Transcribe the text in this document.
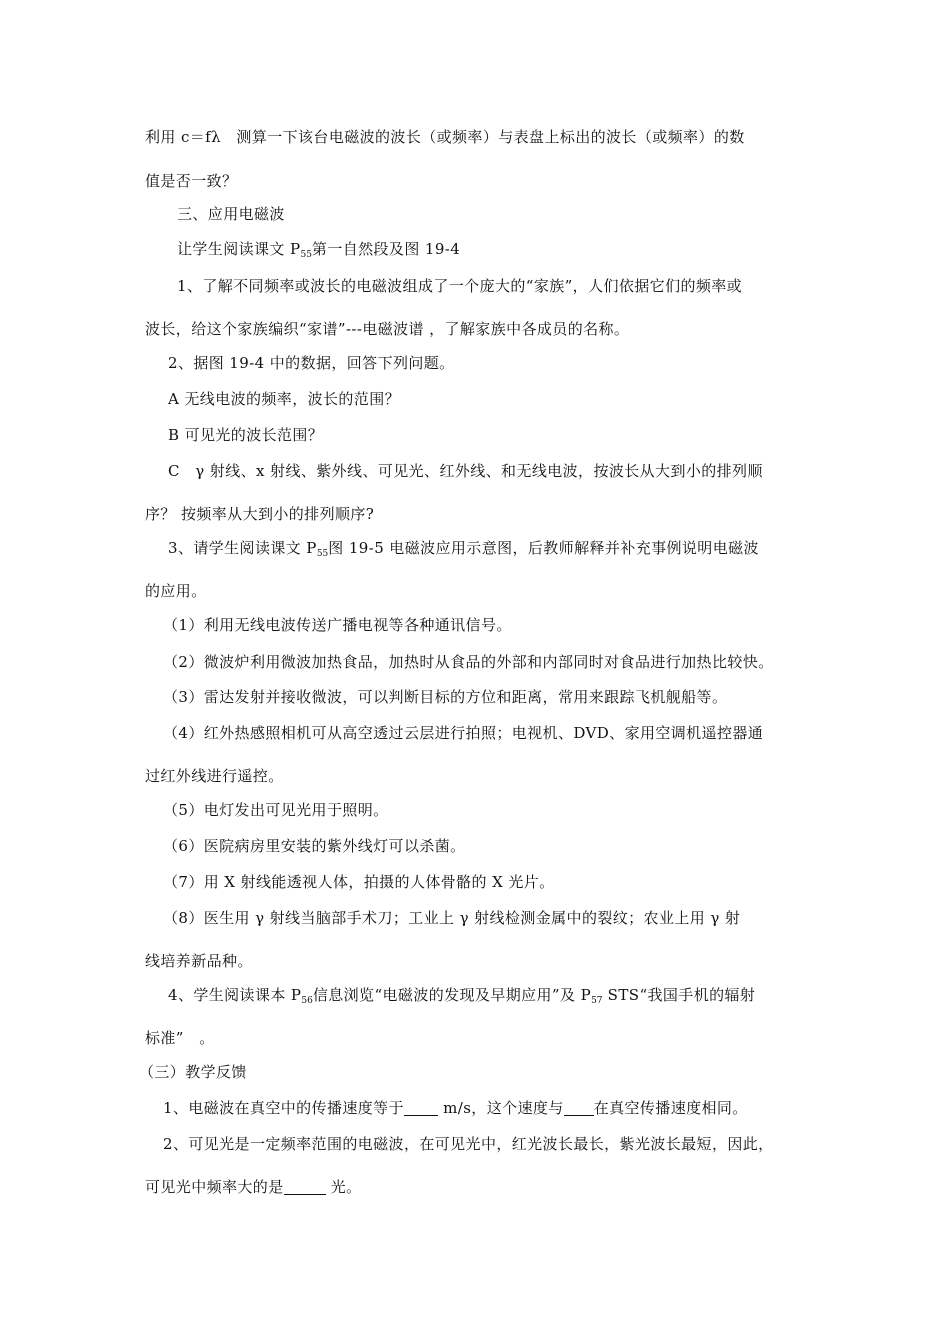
利用 c＝fλ　测算一下该台电磁波的波长（或频率）与表盘上标出的波长（或频率）的数
值是否一致？
三、应用电磁波
让学生阅读课文 $P_{55}$第一自然段及图 19-4
1、了解不同频率或波长的电磁波组成了一个庞大的“家族”，人们依据它们的频率或
波长，给这个家族编织“家谱”---电磁波谱 ，了解家族中各成员的名称。
2、据图 19-4 中的数据，回答下列问题。
A 无线电波的频率，波长的范围？
B 可见光的波长范围？
C　γ 射线、x 射线、紫外线、可见光、红外线、和无线电波，按波长从大到小的排列顺
序？ 按频率从大到小的排列顺序?
3、请学生阅读课文 $P_{55}$图 19-5 电磁波应用示意图，后教师解释并补充事例说明电磁波
的应用。
（1）利用无线电波传送广播电视等各种通讯信号。
（2）微波炉利用微波加热食品，加热时从食品的外部和内部同时对食品进行加热比较快。
（3）雷达发射并接收微波，可以判断目标的方位和距离，常用来跟踪飞机舰船等。
（4）红外热感照相机可从高空透过云层进行拍照；电视机、DVD、家用空调机遥控器通
过红外线进行遥控。
（5）电灯发出可见光用于照明。
（6）医院病房里安装的紫外线灯可以杀菌。
（7）用 X 射线能透视人体，拍摄的人体骨骼的 X 光片。
（8）医生用 γ 射线当脑部手术刀；工业上 γ 射线检测金属中的裂纹；农业上用 γ 射
线培养新品种。
4、学生阅读课本 $P_{56}$信息浏览“电磁波的发现及早期应用”及 $P_{57}$ STS“我国手机的辐射
标准”　。
（三）教学反馈
1、电磁波在真空中的传播速度等于 m/s，这个速度与 在真空传播速度相同。
2、可见光是一定频率范围的电磁波，在可见光中，红光波长最长，紫光波长最短，因此，
可见光中频率大的是	光。
